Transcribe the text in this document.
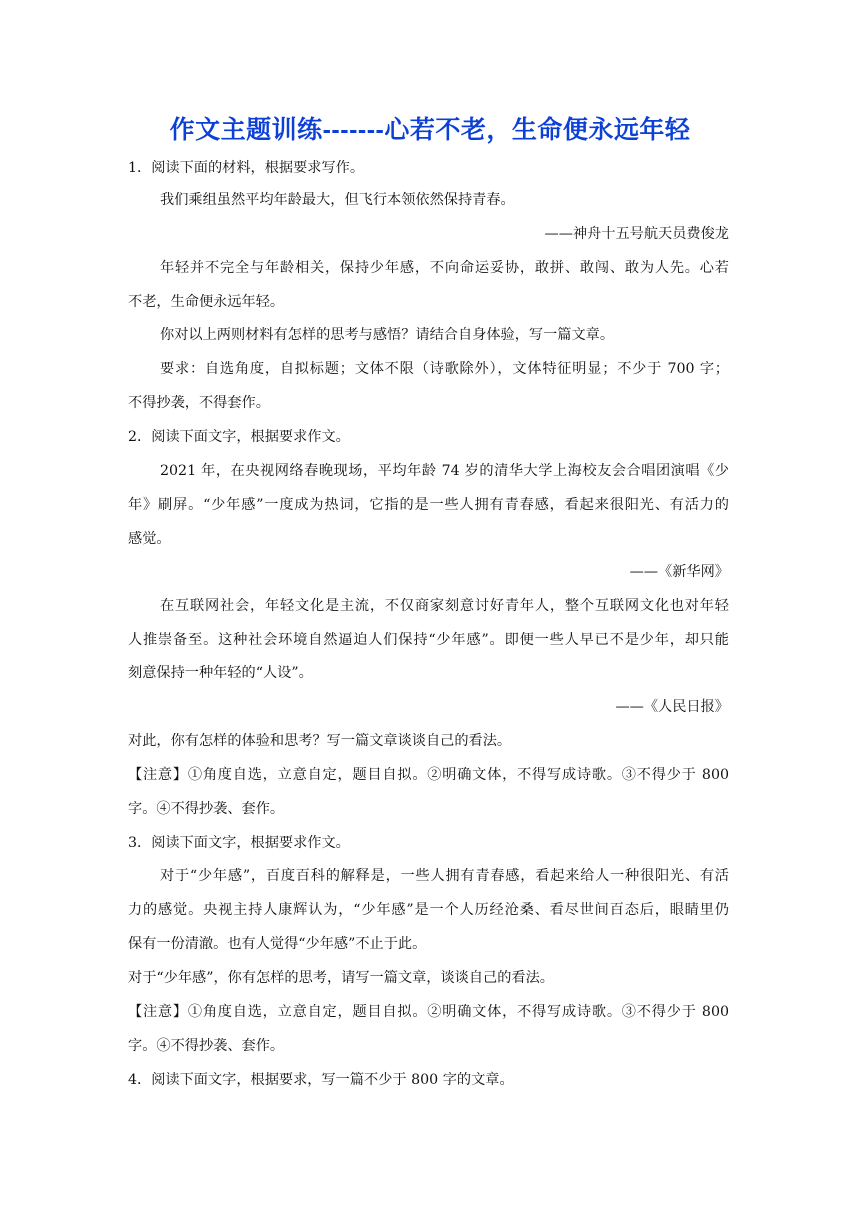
作文主题训练-------心若不老，生命便永远年轻
1．阅读下面的材料，根据要求写作。
我们乘组虽然平均年龄最大，但飞行本领依然保持青春。
——神舟十五号航天员费俊龙
年轻并不完全与年龄相关，保持少年感，不向命运妥协，敢拼、敢闯、敢为人先。心若
不老，生命便永远年轻。
你对以上两则材料有怎样的思考与感悟？请结合自身体验，写一篇文章。
要求：自选角度，自拟标题；文体不限（诗歌除外），文体特征明显；不少于 700 字；
不得抄袭，不得套作。
2．阅读下面文字，根据要求作文。
2021 年，在央视网络春晚现场，平均年龄 74 岁的清华大学上海校友会合唱团演唱《少
年》刷屏。“少年感”一度成为热词，它指的是一些人拥有青春感，看起来很阳光、有活力的
感觉。
——《新华网》
在互联网社会，年轻文化是主流，不仅商家刻意讨好青年人，整个互联网文化也对年轻
人推崇备至。这种社会环境自然逼迫人们保持“少年感”。即便一些人早已不是少年，却只能
刻意保持一种年轻的“人设”。
——《人民日报》
对此，你有怎样的体验和思考？写一篇文章谈谈自己的看法。
【注意】①角度自选，立意自定，题目自拟。②明确文体，不得写成诗歌。③不得少于 800
字。④不得抄袭、套作。
3．阅读下面文字，根据要求作文。
对于“少年感”，百度百科的解释是，一些人拥有青春感，看起来给人一种很阳光、有活
力的感觉。央视主持人康辉认为，“少年感”是一个人历经沧桑、看尽世间百态后，眼睛里仍
保有一份清澈。也有人觉得“少年感”不止于此。
对于“少年感”，你有怎样的思考，请写一篇文章，谈谈自己的看法。
【注意】①角度自选，立意自定，题目自拟。②明确文体，不得写成诗歌。③不得少于 800
字。④不得抄袭、套作。
4．阅读下面文字，根据要求，写一篇不少于 800 字的文章。
